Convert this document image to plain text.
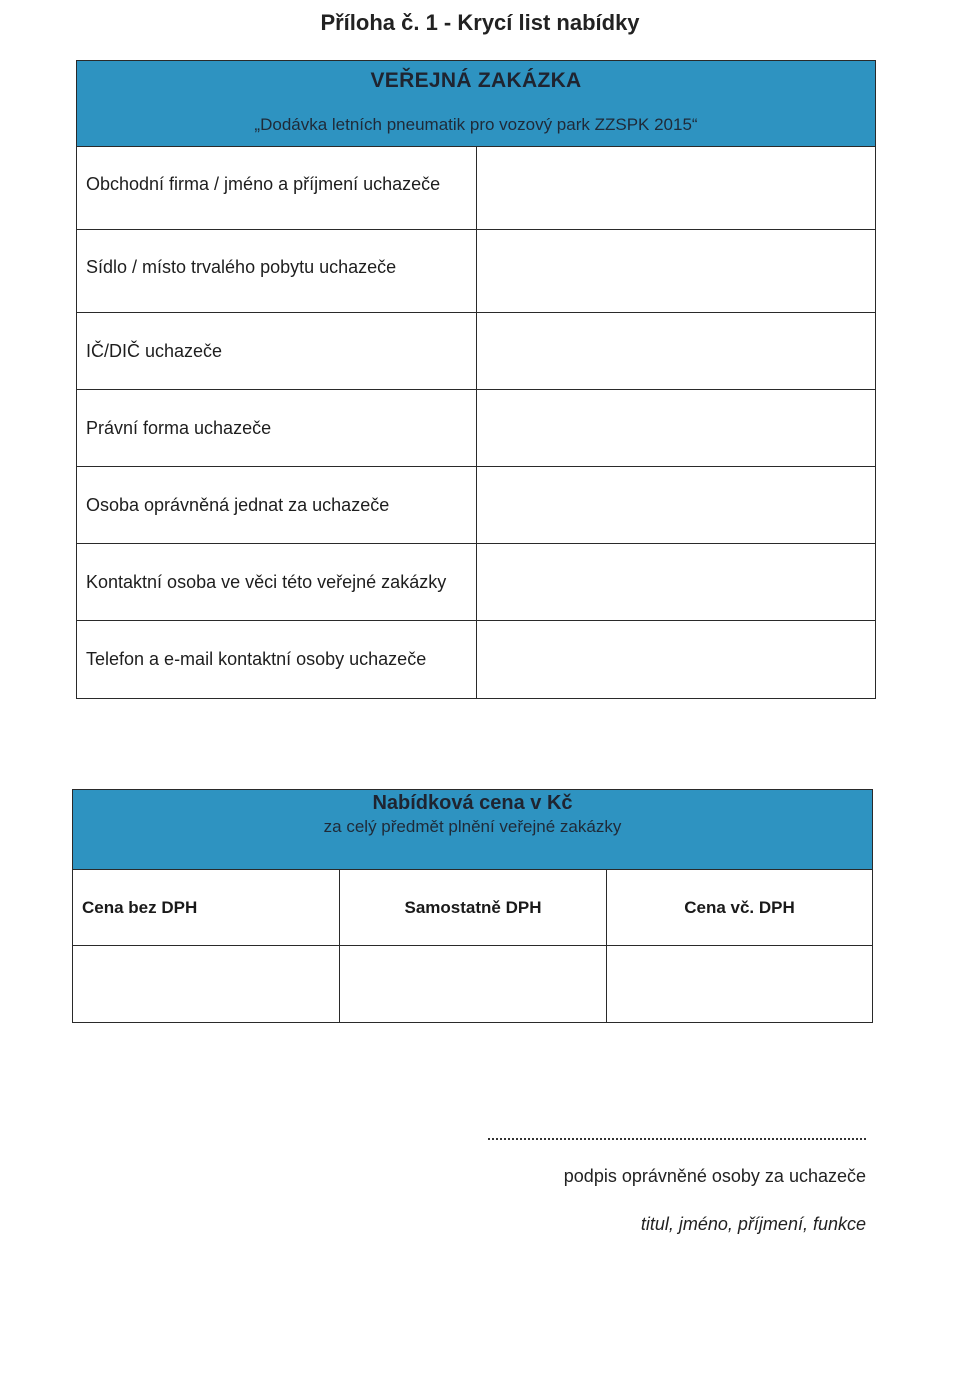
Příloha č. 1 - Krycí list nabídky
VEŘEJNÁ ZAKÁZKA
„Dodávka letních pneumatik pro vozový park ZZSPK 2015“
Obchodní firma / jméno a příjmení uchazeče
Sídlo / místo trvalého pobytu uchazeče
IČ/DIČ uchazeče
Právní forma uchazeče
Osoba oprávněná jednat za uchazeče
Kontaktní osoba ve věci této veřejné zakázky
Telefon a e-mail kontaktní osoby uchazeče
Nabídková cena v Kč
za celý předmět plnění veřejné zakázky
Cena bez DPH	Samostatně DPH	Cena vč. DPH
podpis oprávněné osoby za uchazeče
titul, jméno, příjmení, funkce
